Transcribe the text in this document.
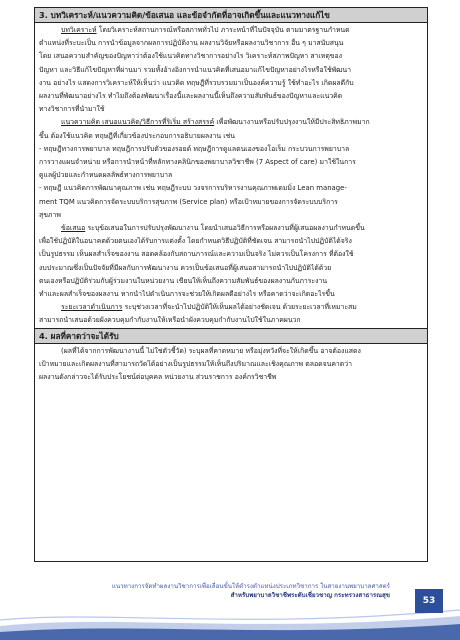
3. บทวิเคราะห์/แนวความคิด/ข้อเสนอ และข้อจำกัดที่อาจเกิดขึ้นและแนวทางแก้ไข
บทวิเคราะห์ โดยวิเคราะห์สถานการณ์หรือสภาพทั่วไป ภาระหน้าที่ในปัจจุบัน ตามมาตรฐานกำหนด
ตำแหน่งที่ระบะเป็น การนำข้อมูลจากผลการปฏิบัติงาน ผลงานวิจัยหรือผลงานวิชาการ อื่น ๆ มาสนับสนุน
โดย เสนอความสำคัญของปัญหาว่าต้องใช้แนวคิดทางวิชาการอย่างไร วิเคราะห์สภาพปัญหา สาเหตุของ
ปัญหา และวิธีแก้ไขปัญหาที่ผ่านมา รวมทั้งอ้างอิงการนำแนวคิดที่เสนอมาแก้ไขปัญหาอย่างไรหรือใช้พัฒนา
งาน อย่างไร แสดงการวิเคราะห์ให้เห็นว่า แนวคิด ทฤษฎีที่รวบรวมมาเป็นองค์ความรู้ ใช้ทำอะไร เกิดผลดีกับ
ผลงานที่พัฒนาอย่างไร ทำไมถึงต้องพัฒนาเรื่องนี้และผลงานนี้เห็นถึงความสัมพันธ์ของปัญหาและแนวคิด
ทางวิชาการที่นำมาใช้
แนวความคิด เสนอแนวคิด/วิธีการที่ริเริ่ม สร้างสรรค์ เพื่อพัฒนางานหรือปรับปรุงงานให้มีประสิทธิภาพมาก
ขึ้น ต้องใช้แนวคิด ทฤษฎีที่เกี่ยวข้องประกอบการอธิบายผลงาน เช่น
- ทฤษฎีทางการพยาบาล ทฤษฎีการปรับตัวของรอยด์ ทฤษฎีการดูแลตนเองของโอเร็ม กระบวนการพยาบาล
การวางแผนจำหน่าย หรือการนำหน้าที่หลักทางคลินิกของพยาบาลวิชาชีพ (7 Aspect of care) มาใช้ในการ
ดูแลผู้ป่วยและกำหนดผลลัพธ์ทางการพยาบาล
- ทฤษฎี แนวคิดการพัฒนาคุณภาพ เช่น ทฤษฎีระบบ วงจรการบริหารงานคุณภาพเดมมิ่ง Lean manage-
ment TQM แนวคิดการจัดระบบบริการสุขภาพ (Service plan) หรือเป้าหมายของการจัดระบบบริการ
สุขภาพ
ข้อเสนอ ระบุข้อเสนอในการปรับปรุงพัฒนางาน โดยนำเสนอวิธีการหรือผลงานที่ผู้เสนอผลงานกำหนดขึ้น
เพื่อใช้ปฏิบัติในอนาคตด้วยตนเองได้รับการแต่งตั้ง โดยกำหนดวิธีปฏิบัติที่ชัดเจน สามารถนำไปปฏิบัติได้จริง
เป็นรูปธรรม เห็นผลสำเร็จของงาน สอดคล้องกับสถานการณ์และความเป็นจริง ไม่ควรเป็นโครงการ ที่ต้องใช้
งบประมาณซึ่งเป็นปัจจัยที่มีผลกับการพัฒนางาน ควรเป็นข้อเสนอที่ผู้เสนอสามารถนำไปปฏิบัติได้ด้วย
ตนเองหรือปฏิบัติร่วมกับผู้ร่วมงานในหน่วยงาน เขียนให้เห็นถึงความสัมพันธ์ของผลงานกับภาระงาน
ทำและผลสำเร็จของผลงาน หากนำไปดำเนินการจะช่วยให้เกิดผลดีอย่างไร หรือคาดว่าจะเกิดอะไรขึ้น
ระยะเวลาดำเนินการ ระบุช่วงเวลาที่จะนำไปปฏิบัติให้เห็นผลได้อย่างชัดเจน ด้วยระยะเวลาที่เหมาะสม
สามารถนำเสนอด้วยผังควบคุมกำกับงานให้เหรือนำผังควบคุมกำกับงานไปใช้ในภาคผนวก
4. ผลที่คาดว่าจะได้รับ
(ผลที่ได้จากการพัฒนางานนี้ ไม่ใช่ตัวชี้วัด) ระบุผลที่คาดหมาย หรือมุ่งหวังที่จะให้เกิดขึ้น อาจต้องแสดง
เป้าหมายและเกิดผลงานที่สามารถวัดได้อย่างเป็นรูปธรรมให้เห็นถึงปริมาณและเชิงคุณภาพ ตลอดจนคาดว่า
ผลงานดังกล่าวจะได้รับประโยชน์ต่อบุคคล หน่วยงาน ส่วนราชการ องค์กรวิชาชีพ
แนวทางการจัดทำผลงานวิชาการเพื่อเลื่อนขั้นให้ดำรงตำแหน่งประเภทวิชาการ ในสายงานพยาบาลศาสตร์
สำหรับพยาบาลวิชาชีพระดับเชี่ยวชาญ กระทรวงสาธารณสุข
53
